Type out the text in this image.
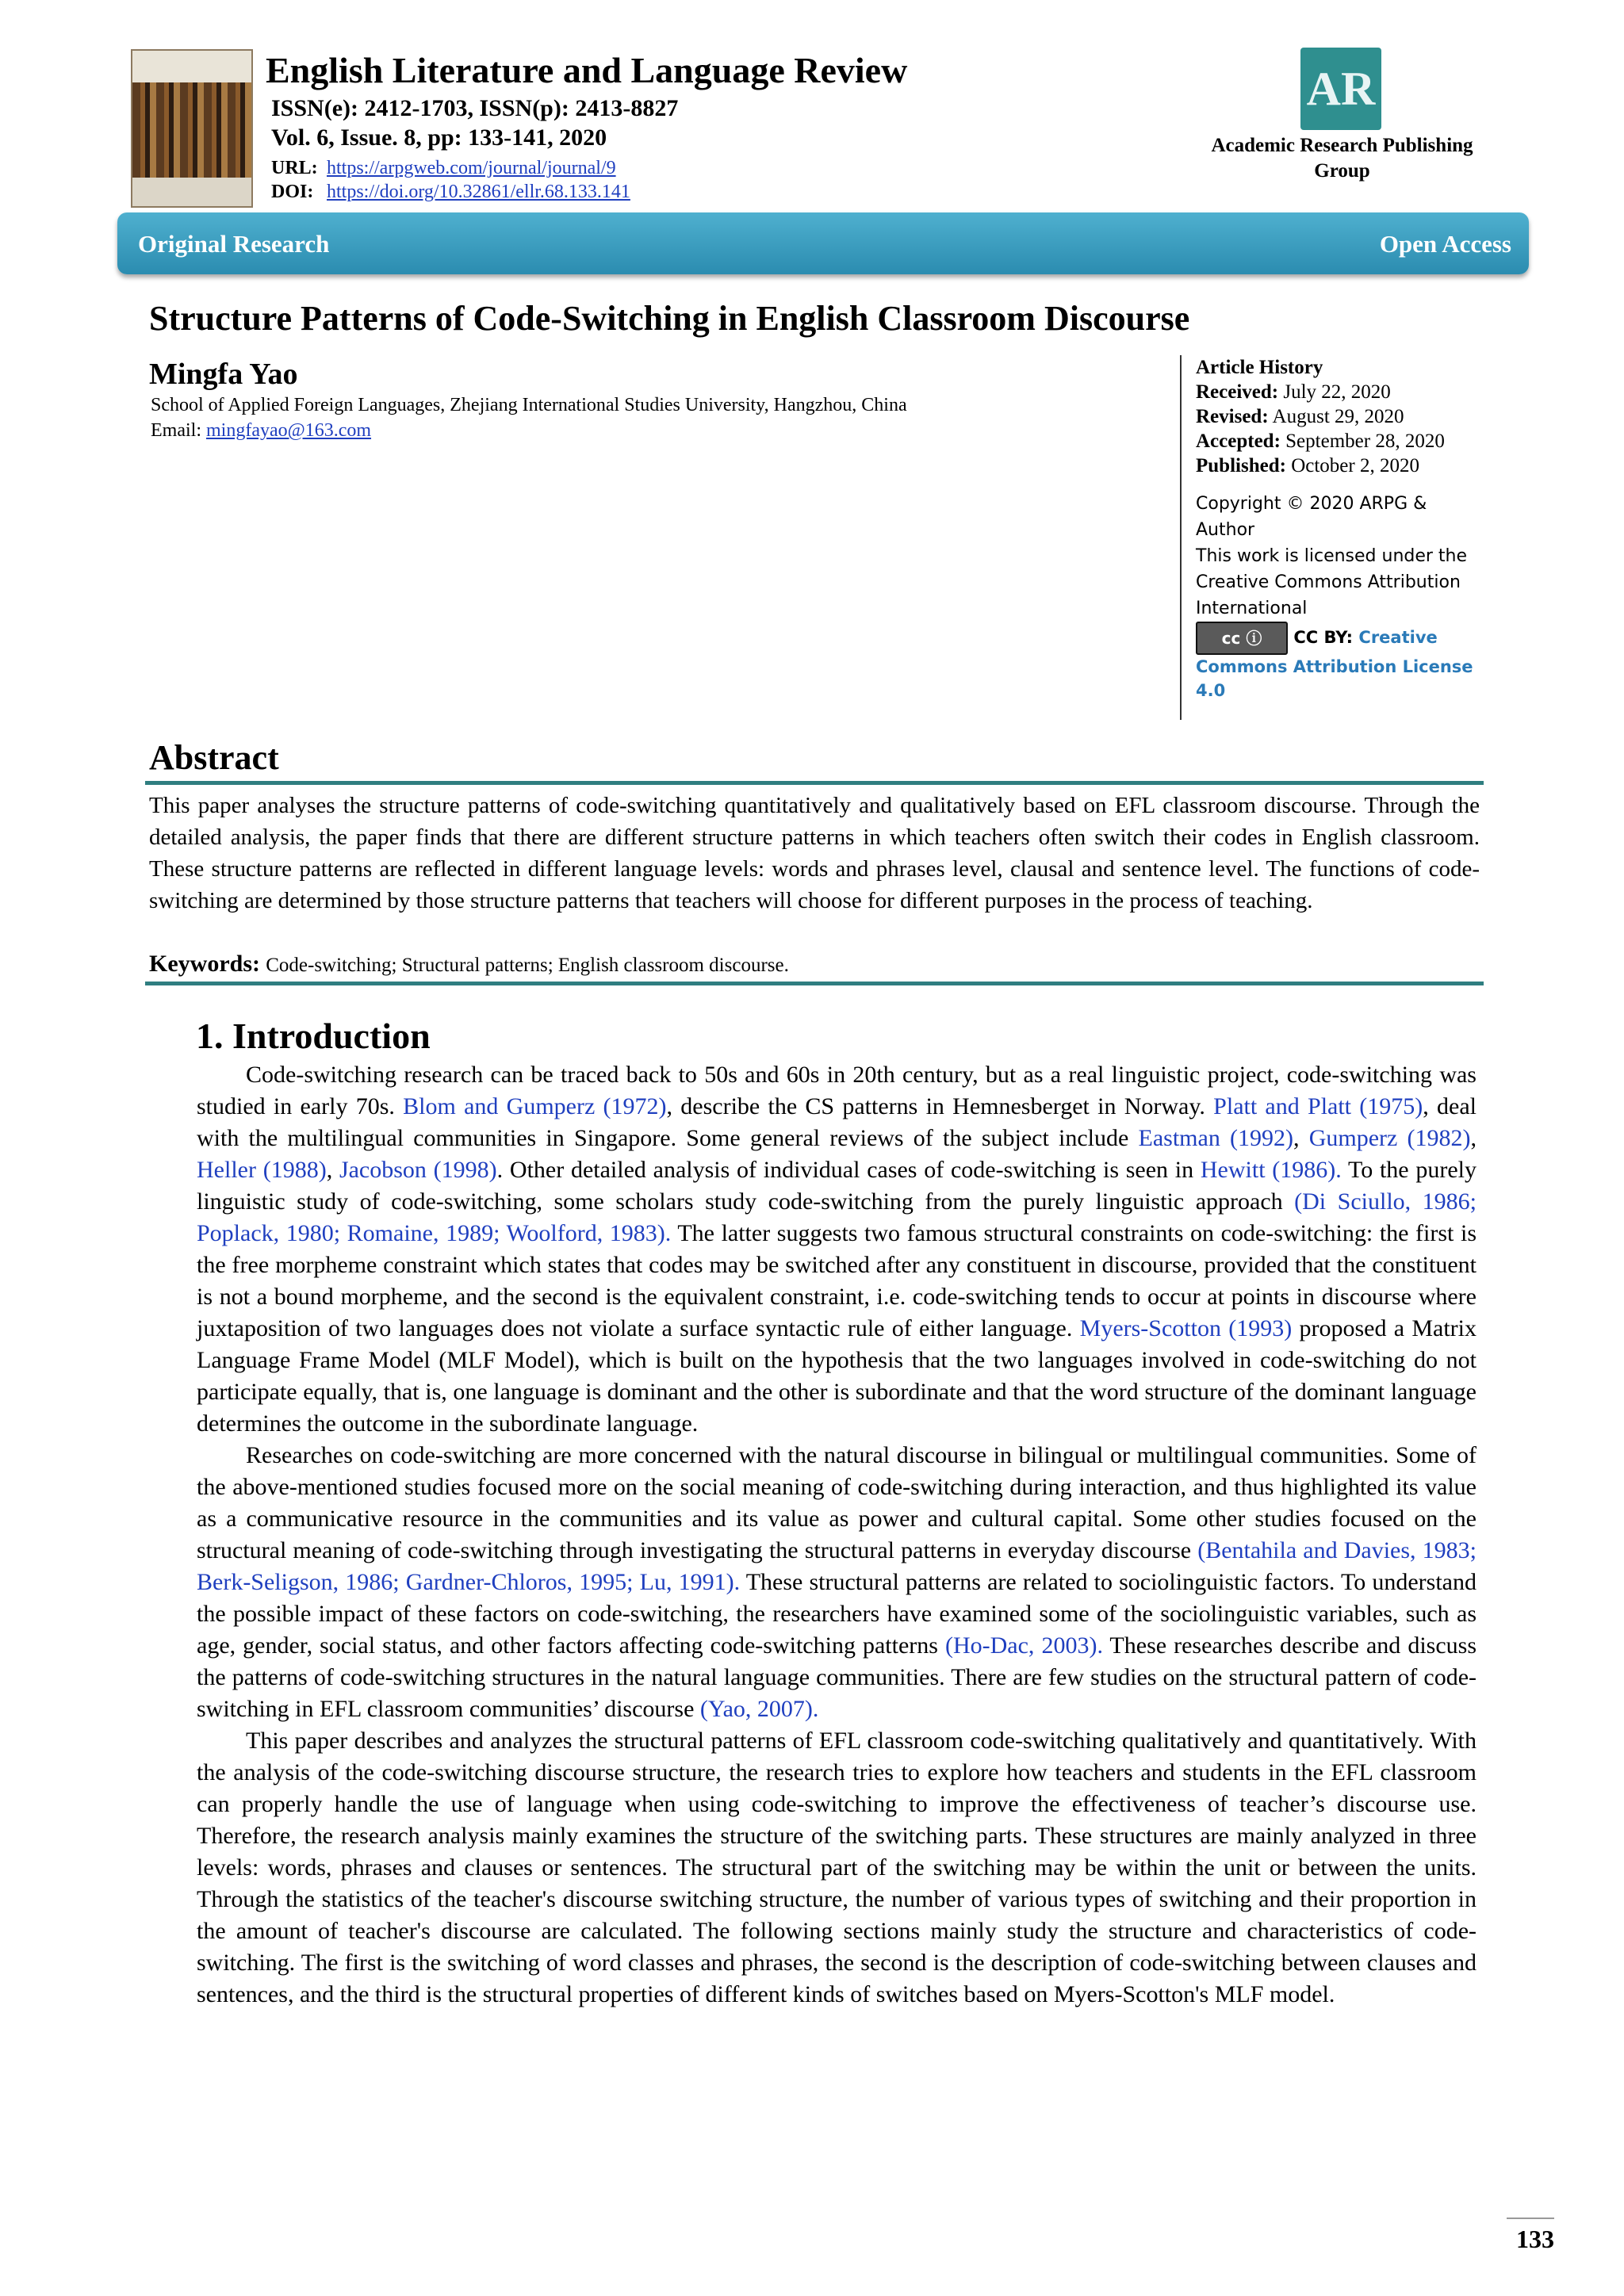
English Literature and Language Review
ISSN(e): 2412-1703, ISSN(p): 2413-8827
Vol. 6, Issue. 8, pp: 133-141, 2020
URL: https://arpgweb.com/journal/journal/9
DOI: https://doi.org/10.32861/ellr.68.133.141
AR
Academic Research Publishing Group
Original Research	Open Access
Structure Patterns of Code-Switching in English Classroom Discourse
Mingfa Yao
School of Applied Foreign Languages, Zhejiang International Studies University, Hangzhou, China
Email: mingfayao@163.com
Article History
Received: July 22, 2020
Revised: August 29, 2020
Accepted: September 28, 2020
Published: October 2, 2020
Copyright © 2020 ARPG &
Author
This work is licensed under the
Creative Commons Attribution
International
cc ⓘ CC BY: Creative
Commons Attribution License
4.0
Abstract
This paper analyses the structure patterns of code-switching quantitatively and qualitatively based on EFL classroom discourse. Through the detailed analysis, the paper finds that there are different structure patterns in which teachers often switch their codes in English classroom. These structure patterns are reflected in different language levels: words and phrases level, clausal and sentence level. The functions of code-switching are determined by those structure patterns that teachers will choose for different purposes in the process of teaching.
Keywords: Code-switching; Structural patterns; English classroom discourse.
1. Introduction

Code-switching research can be traced back to 50s and 60s in 20th century, but as a real linguistic project, code-switching was studied in early 70s. Blom and Gumperz (1972), describe the CS patterns in Hemnesberget in Norway. Platt and Platt (1975), deal with the multilingual communities in Singapore. Some general reviews of the subject include Eastman (1992), Gumperz (1982), Heller (1988), Jacobson (1998). Other detailed analysis of individual cases of code-switching is seen in Hewitt (1986). To the purely linguistic study of code-switching, some scholars study code-switching from the purely linguistic approach (Di Sciullo, 1986; Poplack, 1980; Romaine, 1989; Woolford, 1983). The latter suggests two famous structural constraints on code-switching: the first is the free morpheme constraint which states that codes may be switched after any constituent in discourse, provided that the constituent is not a bound morpheme, and the second is the equivalent constraint, i.e. code-switching tends to occur at points in discourse where juxtaposition of two languages does not violate a surface syntactic rule of either language. Myers-Scotton (1993) proposed a Matrix Language Frame Model (MLF Model), which is built on the hypothesis that the two languages involved in code-switching do not participate equally, that is, one language is dominant and the other is subordinate and that the word structure of the dominant language determines the outcome in the subordinate language.

Researches on code-switching are more concerned with the natural discourse in bilingual or multilingual communities. Some of the above-mentioned studies focused more on the social meaning of code-switching during interaction, and thus highlighted its value as a communicative resource in the communities and its value as power and cultural capital. Some other studies focused on the structural meaning of code-switching through investigating the structural patterns in everyday discourse (Bentahila and Davies, 1983; Berk-Seligson, 1986; Gardner-Chloros, 1995; Lu, 1991). These structural patterns are related to sociolinguistic factors. To understand the possible impact of these factors on code-switching, the researchers have examined some of the sociolinguistic variables, such as age, gender, social status, and other factors affecting code-switching patterns (Ho-Dac, 2003). These researches describe and discuss the patterns of code-switching structures in the natural language communities. There are few studies on the structural pattern of code-switching in EFL classroom communities’ discourse (Yao, 2007).

This paper describes and analyzes the structural patterns of EFL classroom code-switching qualitatively and quantitatively. With the analysis of the code-switching discourse structure, the research tries to explore how teachers and students in the EFL classroom can properly handle the use of language when using code-switching to improve the effectiveness of teacher’s discourse use. Therefore, the research analysis mainly examines the structure of the switching parts. These structures are mainly analyzed in three levels: words, phrases and clauses or sentences. The structural part of the switching may be within the unit or between the units. Through the statistics of the teacher's discourse switching structure, the number of various types of switching and their proportion in the amount of teacher's discourse are calculated. The following sections mainly study the structure and characteristics of code-switching. The first is the switching of word classes and phrases, the second is the description of code-switching between clauses and sentences, and the third is the structural properties of different kinds of switches based on Myers-Scotton's MLF model.

133
